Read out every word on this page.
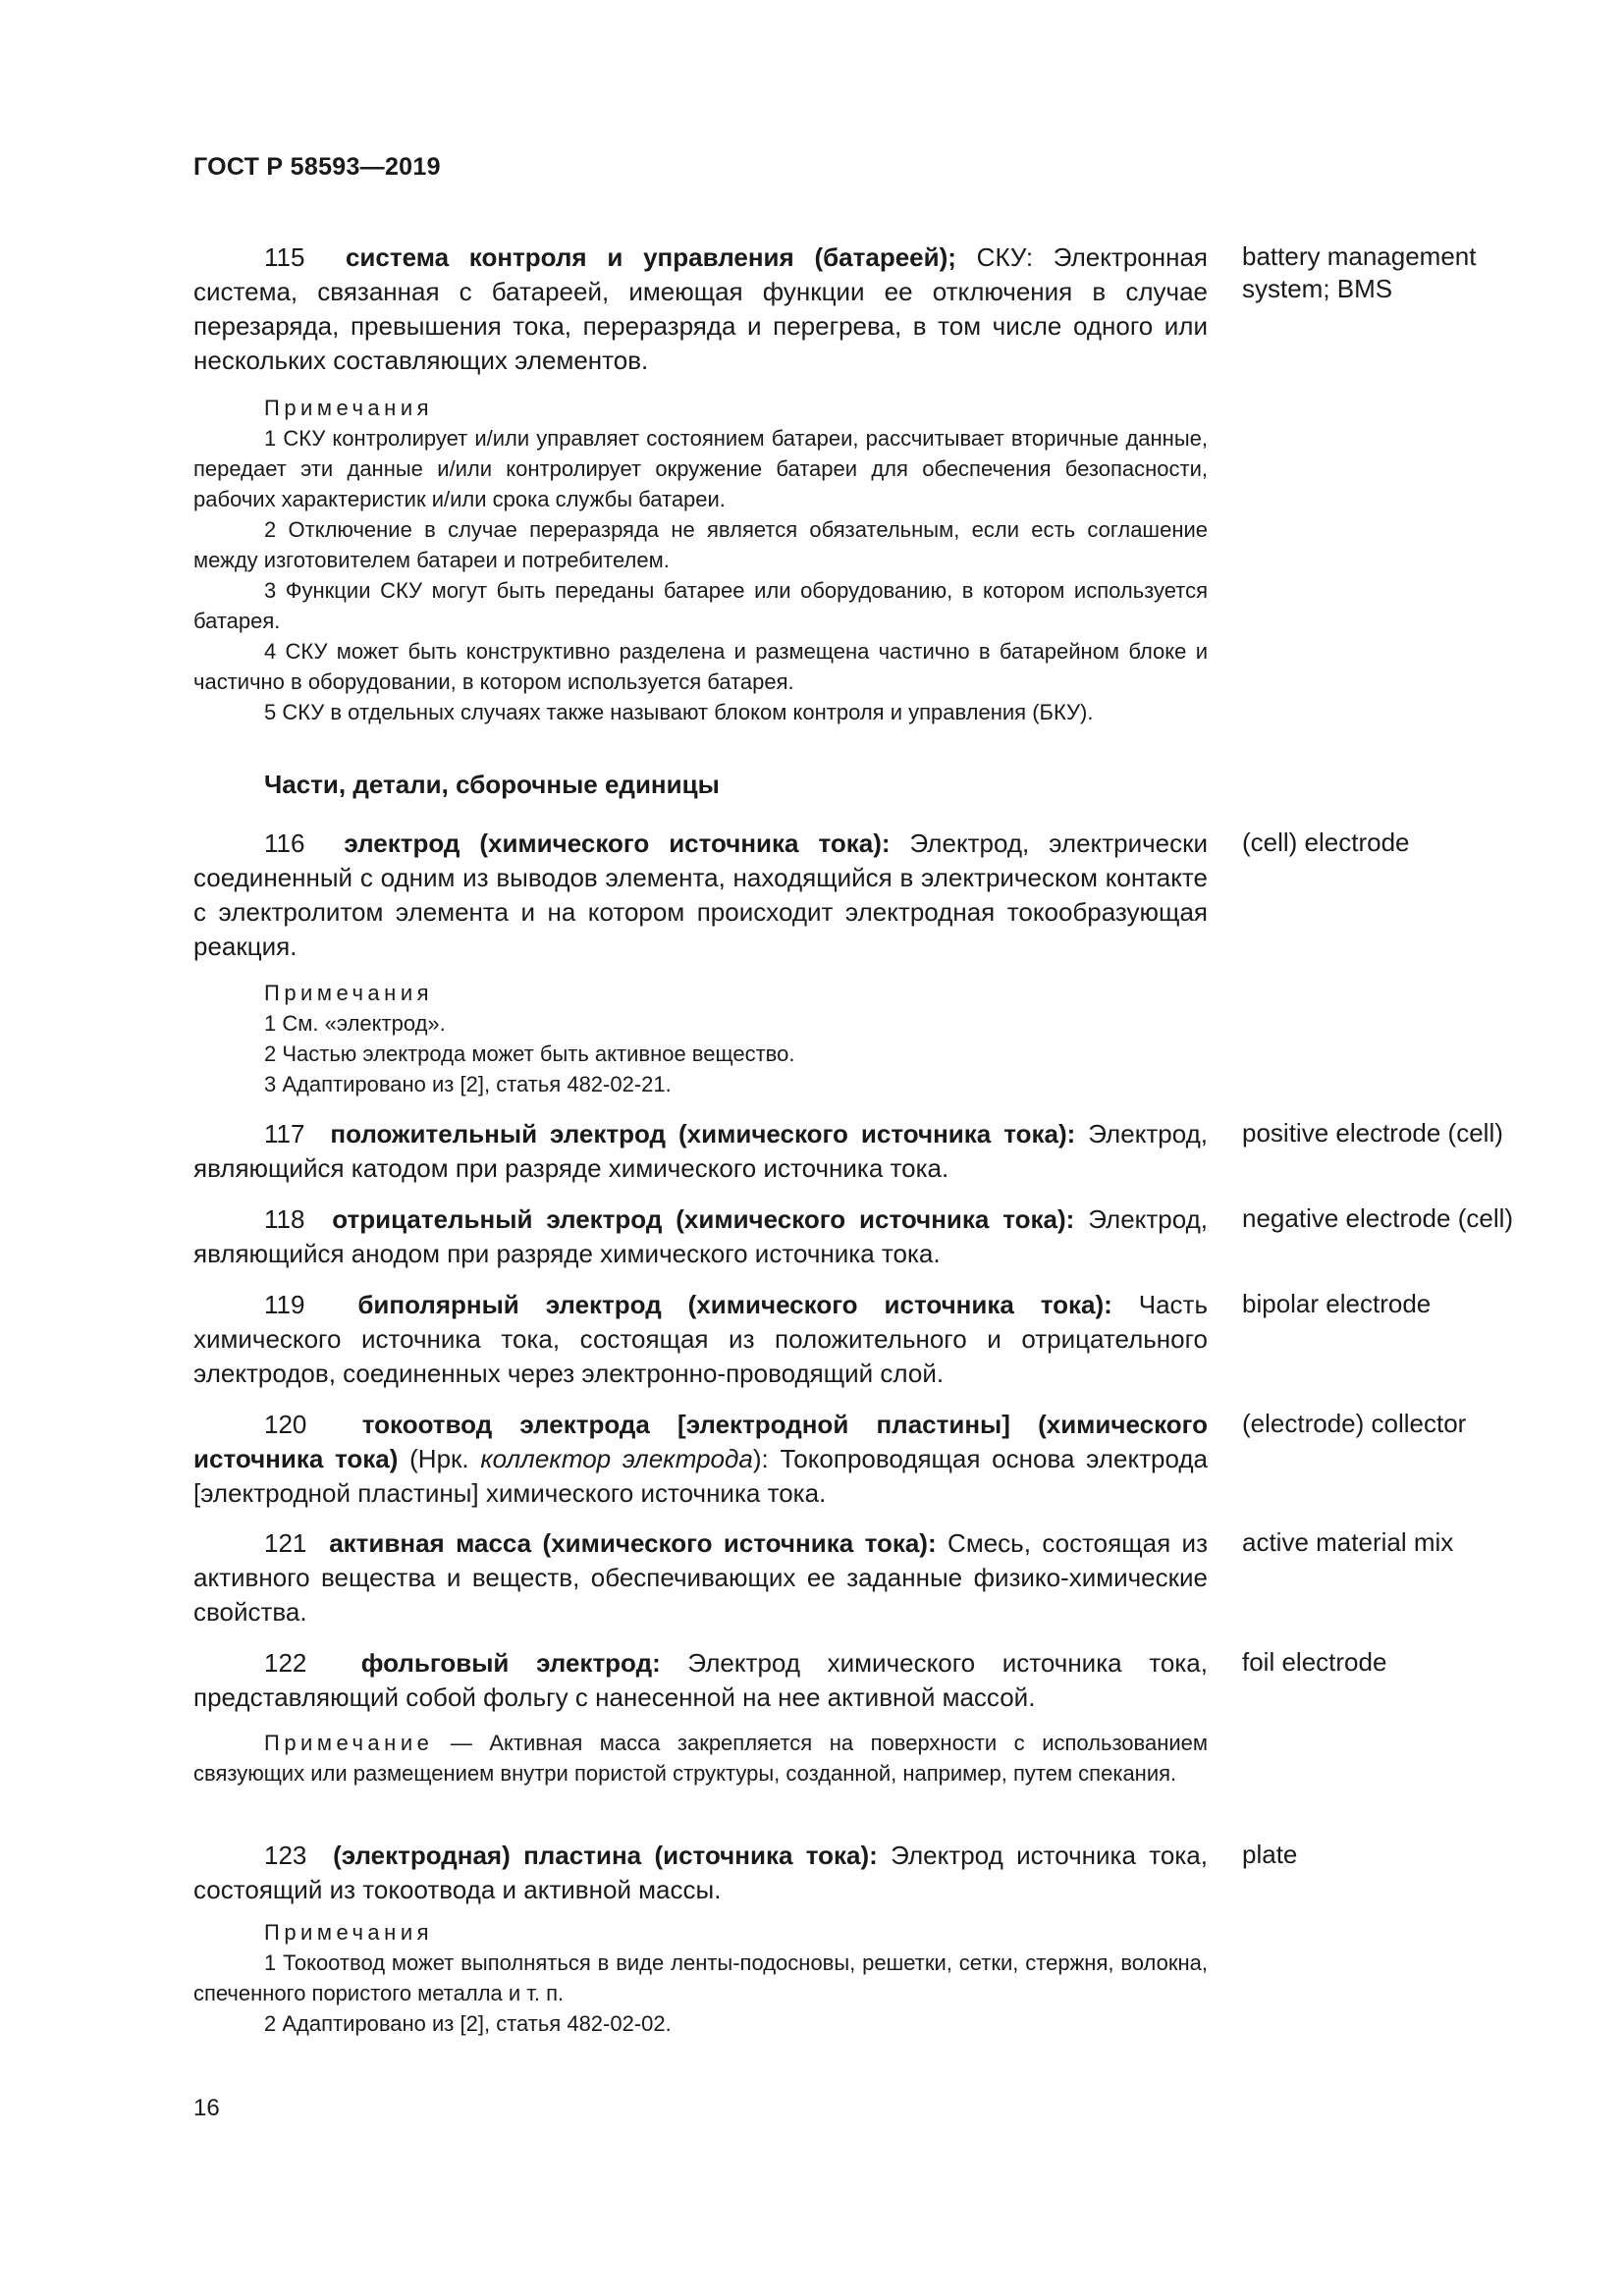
ГОСТ Р 58593—2019
115 система контроля и управления (батареей); СКУ: Электронная система, связанная с батареей, имеющая функции ее отключения в случае перезаряда, превышения тока, переразряда и перегрева, в том числе одного или нескольких составляющих элементов.
battery management system; BMS
Примечания

1 СКУ контролирует и/или управляет состоянием батареи, рассчитывает вторичные данные, передает эти данные и/или контролирует окружение батареи для обеспечения безопасности, рабочих характеристик и/или срока службы батареи.

2 Отключение в случае переразряда не является обязательным, если есть соглашение между изготовителем батареи и потребителем.

3 Функции СКУ могут быть переданы батарее или оборудованию, в котором используется батарея.

4 СКУ может быть конструктивно разделена и размещена частично в батарейном блоке и частично в оборудовании, в котором используется батарея.

5 СКУ в отдельных случаях также называют блоком контроля и управления (БКУ).

Части, детали, сборочные единицы
116 электрод (химического источника тока): Электрод, электрически соединенный с одним из выводов элемента, находящийся в электрическом контакте с электролитом элемента и на котором происходит электродная токообразующая реакция.
(cell) electrode
Примечания

1 См. «электрод».

2 Частью электрода может быть активное вещество.

3 Адаптировано из [2], статья 482-02-21.

117 положительный электрод (химического источника тока): Электрод, являющийся катодом при разряде химического источника тока.
positive electrode (cell)
118 отрицательный электрод (химического источника тока): Электрод, являющийся анодом при разряде химического источника тока.
negative electrode (cell)
119 биполярный электрод (химического источника тока): Часть химического источника тока, состоящая из положительного и отрицательного электродов, соединенных через электронно-проводящий слой.
bipolar electrode
120 токоотвод электрода [электродной пластины] (химического источника тока) (Нрк. коллектор электрода): Токопроводящая основа электрода [электродной пластины] химического источника тока.
(electrode) collector
121 активная масса (химического источника тока): Смесь, состоящая из активного вещества и веществ, обеспечивающих ее заданные физико-химические свойства.
active material mix
122 фольговый электрод: Электрод химического источника тока, представляющий собой фольгу с нанесенной на нее активной массой.
foil electrode

Примечание — Активная масса закрепляется на поверхности с использованием связующих или размещением внутри пористой структуры, созданной, например, путем спекания.

123 (электродная) пластина (источника тока): Электрод источника тока, состоящий из токоотвода и активной массы.
plate
Примечания

1 Токоотвод может выполняться в виде ленты-подосновы, решетки, сетки, стержня, волокна, спеченного пористого металла и т. п.

2 Адаптировано из [2], статья 482-02-02.

16
